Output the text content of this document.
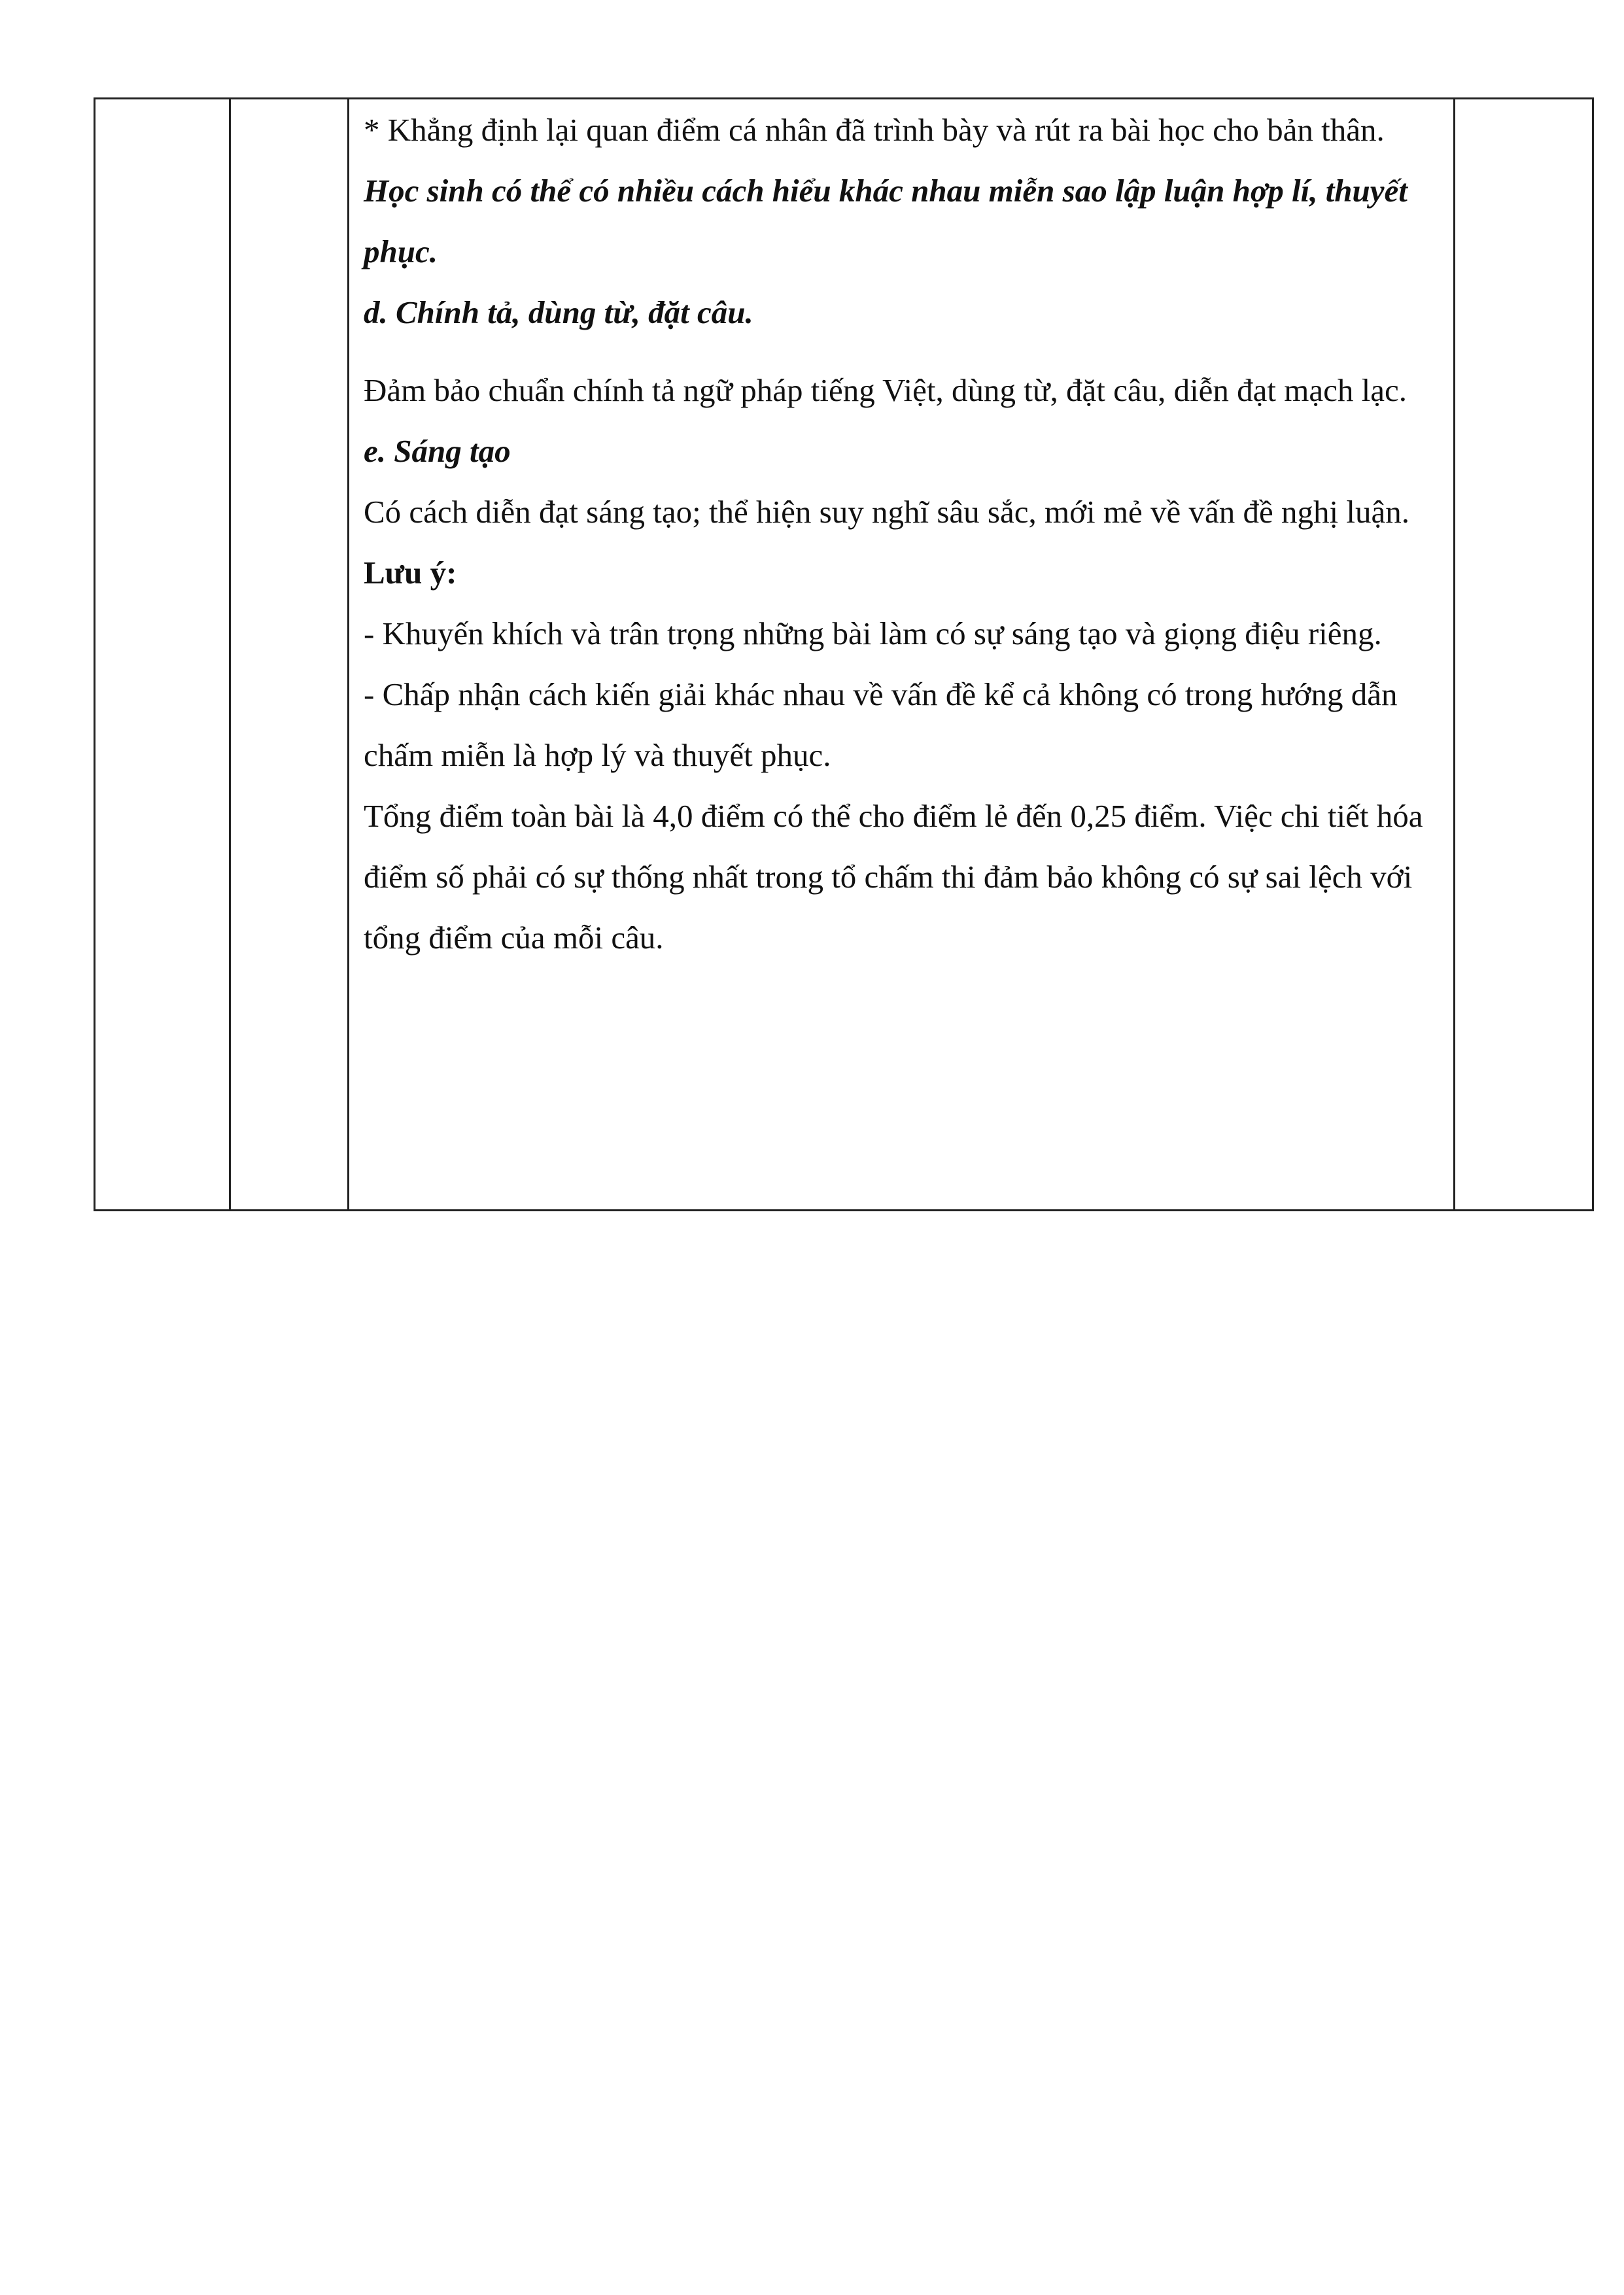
* Khẳng định lại quan điểm cá nhân đã trình bày và rút ra bài học cho bản thân.

Học sinh có thể có nhiều cách hiểu khác nhau miễn sao lập luận hợp lí, thuyết phục.

d. Chính tả, dùng từ, đặt câu.

Đảm bảo chuẩn chính tả ngữ pháp tiếng Việt, dùng từ, đặt câu, diễn đạt mạch lạc.

e. Sáng tạo

Có cách diễn đạt sáng tạo; thể hiện suy nghĩ sâu sắc, mới mẻ về vấn đề nghị luận.

Lưu ý:

- Khuyến khích và trân trọng những bài làm có sự sáng tạo và giọng điệu riêng.

- Chấp nhận cách kiến giải khác nhau về vấn đề kể cả không có trong hướng dẫn chấm miễn là hợp lý và thuyết phục.

Tổng điểm toàn bài là 4,0 điểm có thể cho điểm lẻ đến 0,25 điểm. Việc chi tiết hóa điểm số phải có sự thống nhất trong tổ chấm thi đảm bảo không có sự sai lệch với tổng điểm của mỗi câu.
